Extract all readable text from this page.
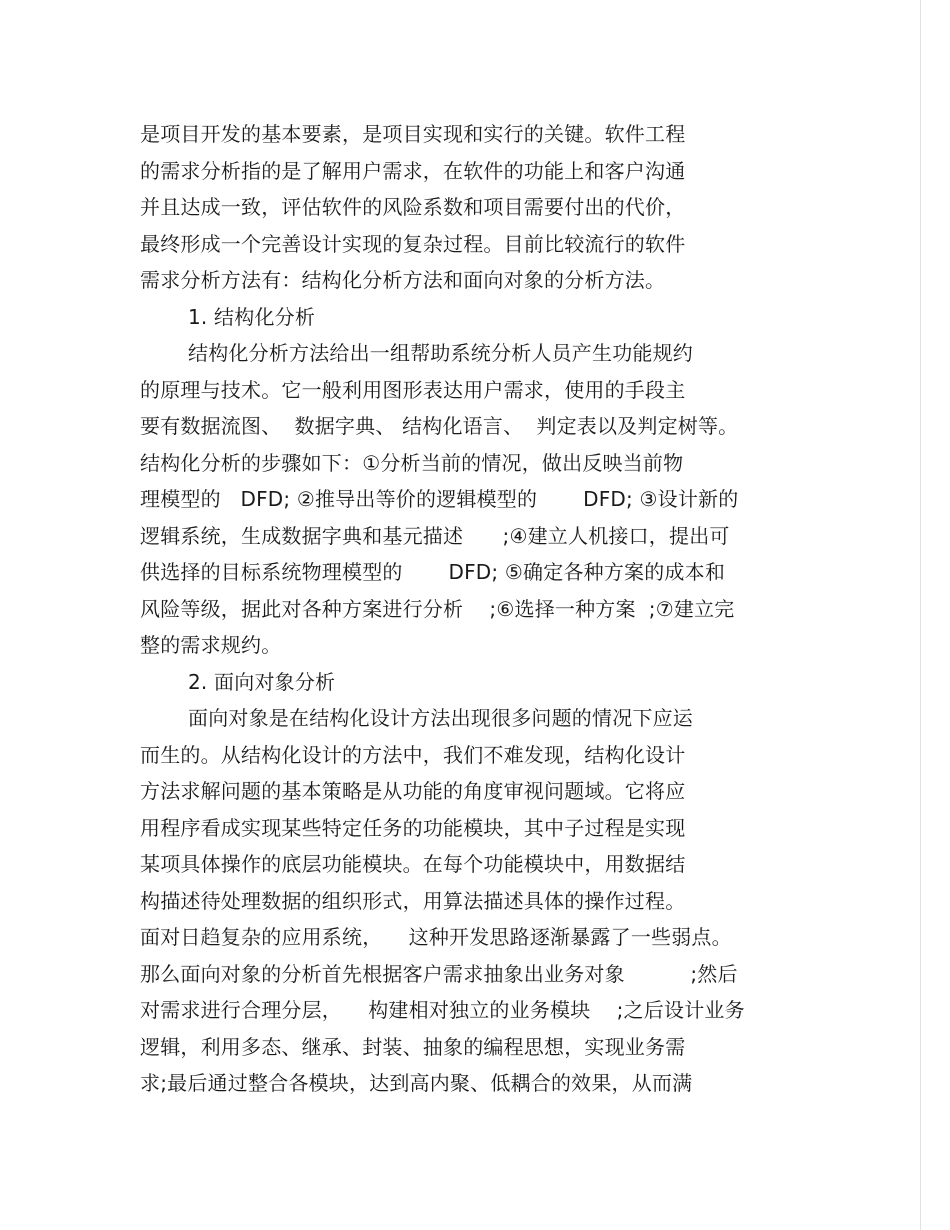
是项目开发的基本要素，是项目实现和实行的关键。软件工程
的需求分析指的是了解用户需求，在软件的功能上和客户沟通
并且达成一致，评估软件的风险系数和项目需要付出的代价，
最终形成一个完善设计实现的复杂过程。目前比较流行的软件
需求分析方法有：结构化分析方法和面向对象的分析方法。
1. 结构化分析
结构化分析方法给出一组帮助系统分析人员产生功能规约
的原理与技术。它一般利用图形表达用户需求，使用的手段主
要有数据流图、  数据字典、 结构化语言、  判定表以及判定树等。
结构化分析的步骤如下：①分析当前的情况，做出反映当前物
理模型的   DFD; ②推导出等价的逻辑模型的       DFD; ③设计新的
逻辑系统，生成数据字典和基元描述      ;④建立人机接口，提出可
供选择的目标系统物理模型的       DFD; ⑤确定各种方案的成本和
风险等级，据此对各种方案进行分析    ;⑥选择一种方案  ;⑦建立完
整的需求规约。
2. 面向对象分析
面向对象是在结构化设计方法出现很多问题的情况下应运
而生的。从结构化设计的方法中，我们不难发现，结构化设计
方法求解问题的基本策略是从功能的角度审视问题域。它将应
用程序看成实现某些特定任务的功能模块，其中子过程是实现
某项具体操作的底层功能模块。在每个功能模块中，用数据结
构描述待处理数据的组织形式，用算法描述具体的操作过程。
面对日趋复杂的应用系统，    这种开发思路逐渐暴露了一些弱点。
那么面向对象的分析首先根据客户需求抽象出业务对象          ;然后
对需求进行合理分层，    构建相对独立的业务模块    ;之后设计业务
逻辑，利用多态、继承、封装、抽象的编程思想，实现业务需
求;最后通过整合各模块，达到高内聚、低耦合的效果，从而满
